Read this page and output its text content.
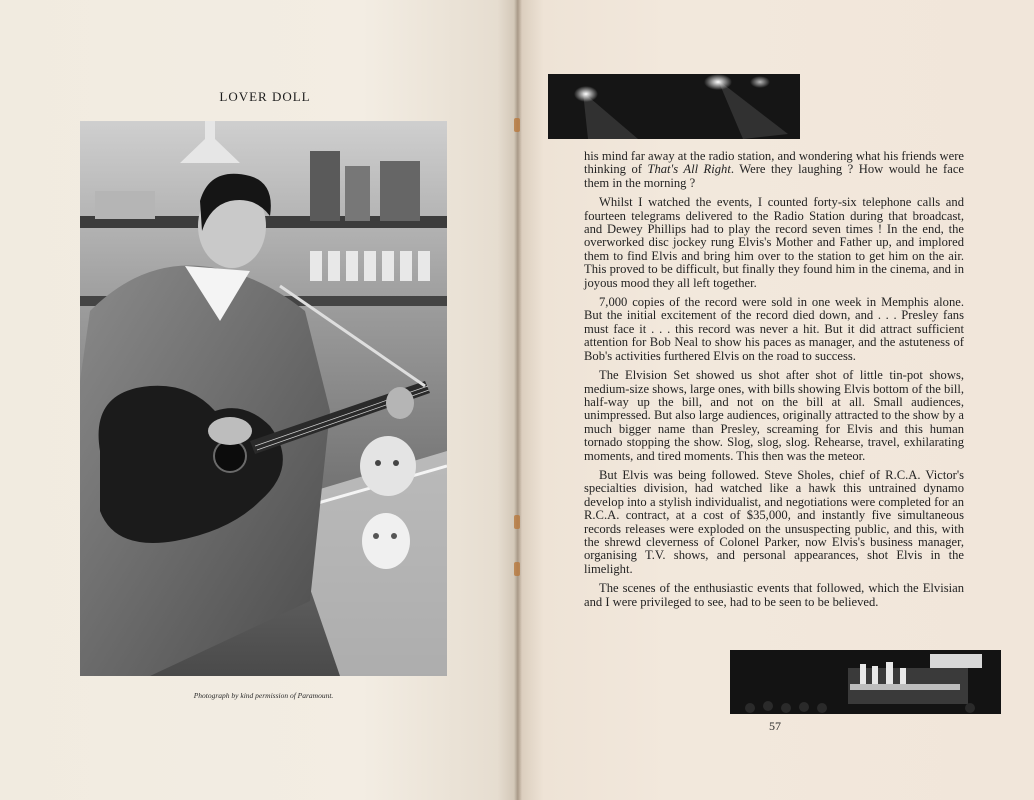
LOVER DOLL
Photograph by kind permission of Paramount.

his mind far away at the radio station, and wondering what his friends were thinking of That's All Right. Were they laughing ? How would he face them in the morning ?

Whilst I watched the events, I counted forty-six telephone calls and fourteen telegrams delivered to the Radio Station during that broadcast, and Dewey Phillips had to play the record seven times ! In the end, the overworked disc jockey rung Elvis's Mother and Father up, and implored them to find Elvis and bring him over to the station to get him on the air. This proved to be difficult, but finally they found him in the cinema, and in joyous mood they all left together.

7,000 copies of the record were sold in one week in Memphis alone. But the initial excitement of the record died down, and . . . Presley fans must face it . . . this record was never a hit. But it did attract sufficient attention for Bob Neal to show his paces as manager, and the astuteness of Bob's activities furthered Elvis on the road to success.

The Elvision Set showed us shot after shot of little tin-pot shows, medium-size shows, large ones, with bills showing Elvis bottom of the bill, half-way up the bill, and not on the bill at all. Small audiences, unimpressed. But also large audiences, originally attracted to the show by a much bigger name than Presley, screaming for Elvis and this human tornado stopping the show. Slog, slog, slog. Rehearse, travel, exhilarating moments, and tired moments. This then was the meteor.

But Elvis was being followed. Steve Sholes, chief of R.C.A. Victor's specialties division, had watched like a hawk this untrained dynamo develop into a stylish individualist, and negotiations were completed for an R.C.A. contract, at a cost of $35,000, and instantly five simultaneous records releases were exploded on the unsuspecting public, and this, with the shrewd cleverness of Colonel Parker, now Elvis's business manager, organising T.V. shows, and personal appearances, shot Elvis in the limelight.

The scenes of the enthusiastic events that followed, which the Elvisian and I were privileged to see, had to be seen to be believed.

57
